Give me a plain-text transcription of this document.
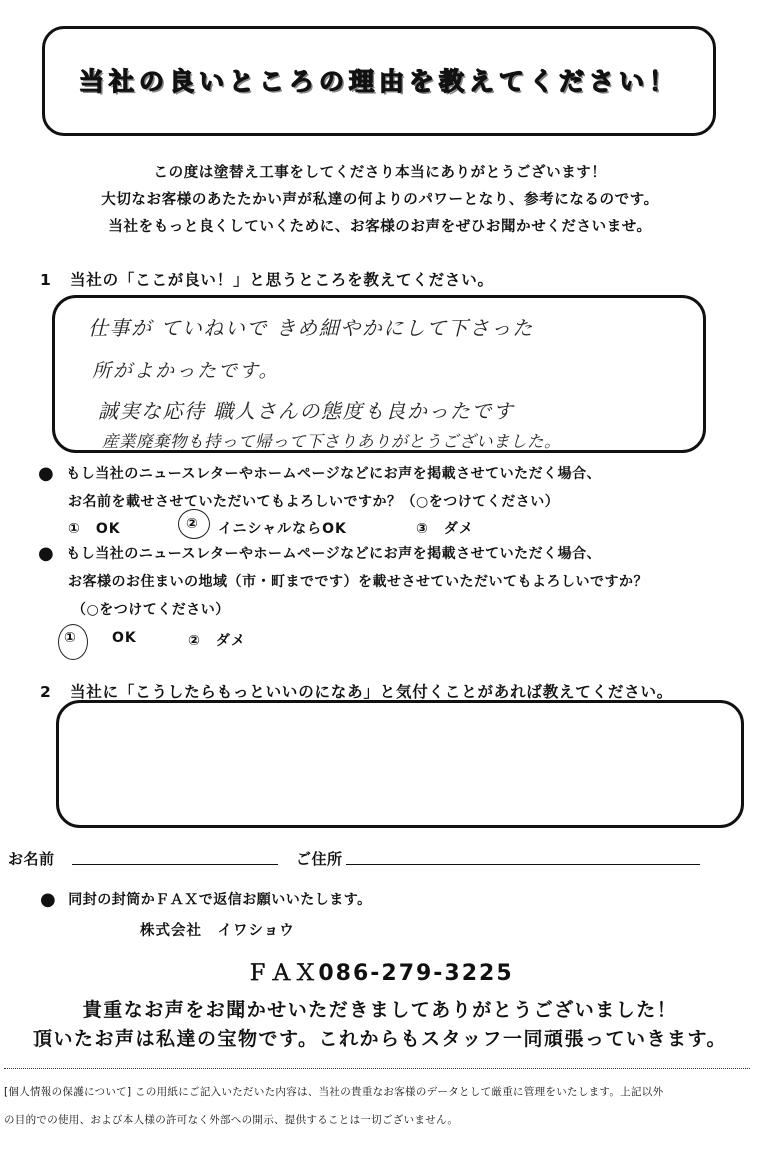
当社の良いところの理由を教えてください！
この度は塗替え工事をしてくださり本当にありがとうございます！
大切なお客様のあたたかい声が私達の何よりのパワーとなり、参考になるのです。
当社をもっと良くしていくために、お客様のお声をぜひお聞かせくださいませ。
1 当社の「ここが良い！」と思うところを教えてください。
仕事が ていねいで きめ細やかにして下さった
所がよかったです。
誠実な応待 職人さんの態度も良かったです
産業廃棄物も持って帰って下さりありがとうございました。
● もし当社のニュースレターやホームページなどにお声を掲載させていただく場合、
お名前を載せさせていただいてもよろしいですか？（○をつけてください）
①　OK	② イニシャルならOK	③　ダメ
● もし当社のニュースレターやホームページなどにお声を掲載させていただく場合、
お客様のお住まいの地域（市・町までです）を載せさせていただいてもよろしいですか？
（○をつけてください）
①	OK	②　ダメ
2 当社に「こうしたらもっといいのになあ」と気付くことがあれば教えてください。
お名前	ご住所
● 同封の封筒かＦＡＸで返信お願いいたします。
株式会社　イワショウ
ＦＡＸ086-279-3225
貴重なお声をお聞かせいただきましてありがとうございました！
頂いたお声は私達の宝物です。これからもスタッフ一同頑張っていきます。
[個人情報の保護について] この用紙にご記入いただいた内容は、当社の貴重なお客様のデータとして厳重に管理をいたします。上記以外
の目的での使用、および本人様の許可なく外部への開示、提供することは一切ございません。
